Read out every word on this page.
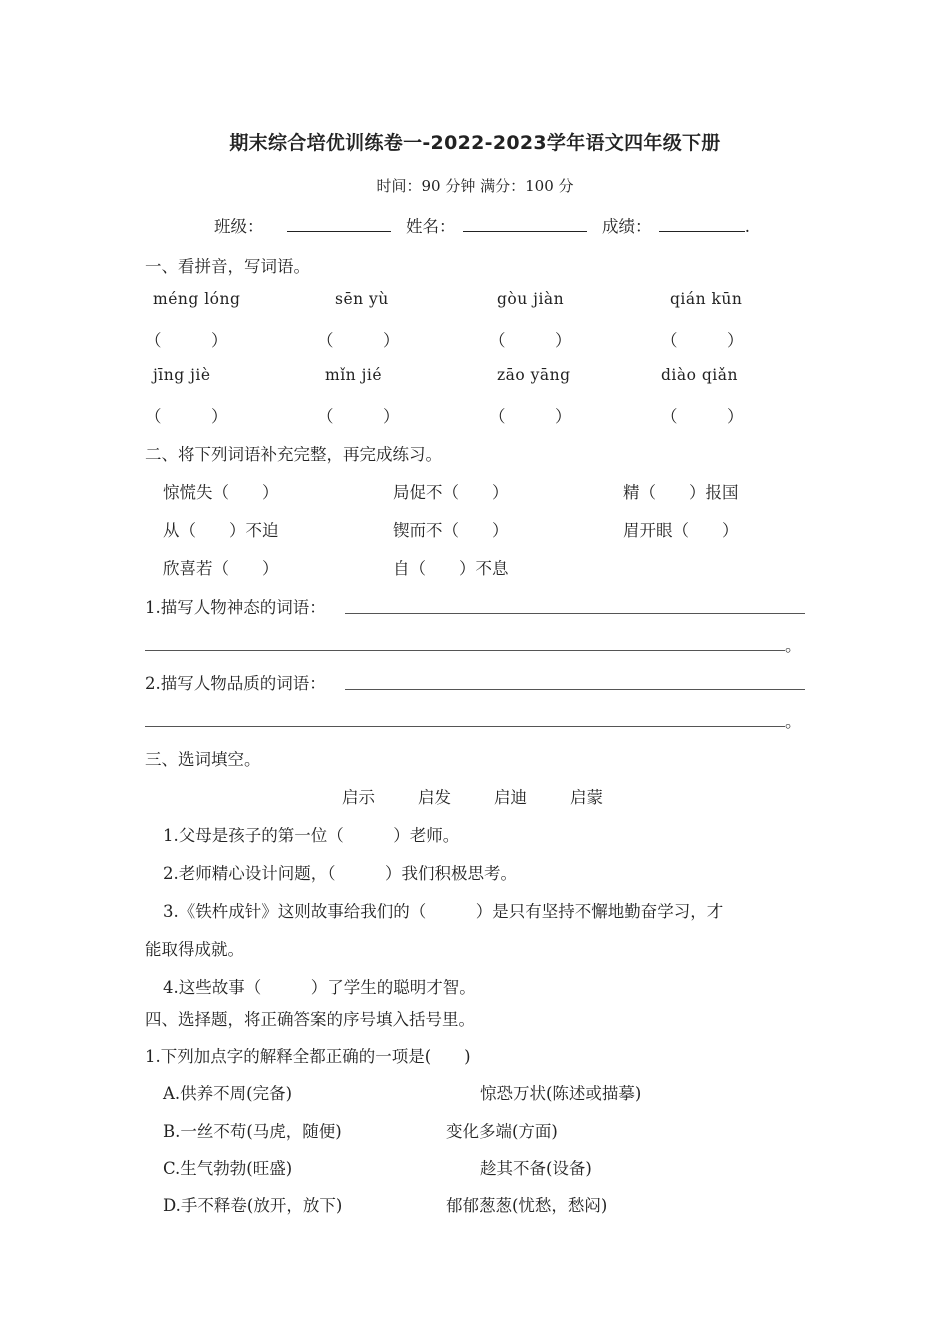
期末综合培优训练卷一-2022-2023学年语文四年级下册
时间：90 分钟 满分：100 分
班级：	姓名：	成绩：	.
一、看拼音，写词语。
méng lóng	sēn yù	gòu jiàn	qián kūn
（　　　）	（　　　）	（　　　）	（　　　）
jīng jiè	mǐn jié	zāo yāng	diào qiǎn
（　　　）	（　　　）	（　　　）	（　　　）
二、将下列词语补充完整，再完成练习。
惊慌失（　　）	局促不（　　）	精（　　）报国
从（　　）不迫	锲而不（　　）	眉开眼（　　）
欣喜若（　　）	自（　　）不息
1.描写人物神态的词语：
。
2.描写人物品质的词语：
。
三、选词填空。
启示	启发	启迪	启蒙
1.父母是孩子的第一位（　　　）老师。
2.老师精心设计问题，（　　　）我们积极思考。
3.《铁杵成针》这则故事给我们的（　　　）是只有坚持不懈地勤奋学习，才
能取得成就。
4.这些故事（　　　）了学生的聪明才智。
四、选择题，将正确答案的序号填入括号里。
1.下列加点字的解释全都正确的一项是(　　)
A.供养不周(完备)	惊恐万状(陈述或描摹)
B.一丝不苟(马虎，随便)	变化多端(方面)
C.生气勃勃(旺盛)	趁其不备(设备)
D.手不释卷(放开，放下)	郁郁葱葱(忧愁，愁闷)
